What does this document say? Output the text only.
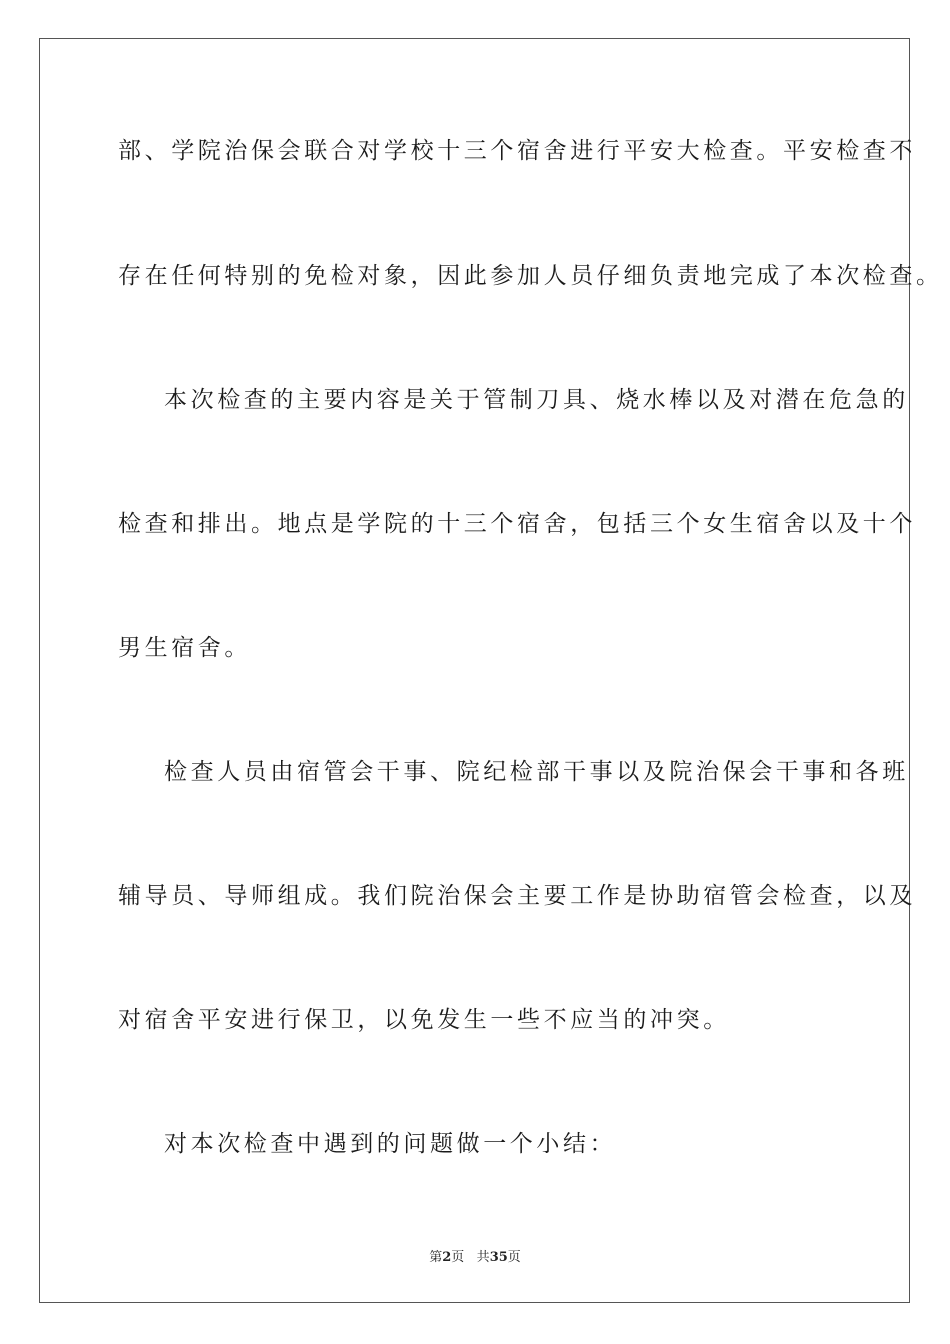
部、学院治保会联合对学校十三个宿舍进行平安大检查。平安检查不
存在任何特别的免检对象，因此参加人员仔细负责地完成了本次检查。
本次检查的主要内容是关于管制刀具、烧水棒以及对潜在危急的
检查和排出。地点是学院的十三个宿舍，包括三个女生宿舍以及十个
男生宿舍。
检查人员由宿管会干事、院纪检部干事以及院治保会干事和各班
辅导员、导师组成。我们院治保会主要工作是协助宿管会检查，以及
对宿舍平安进行保卫，以免发生一些不应当的冲突。
对本次检查中遇到的问题做一个小结：
第2页 共35页
